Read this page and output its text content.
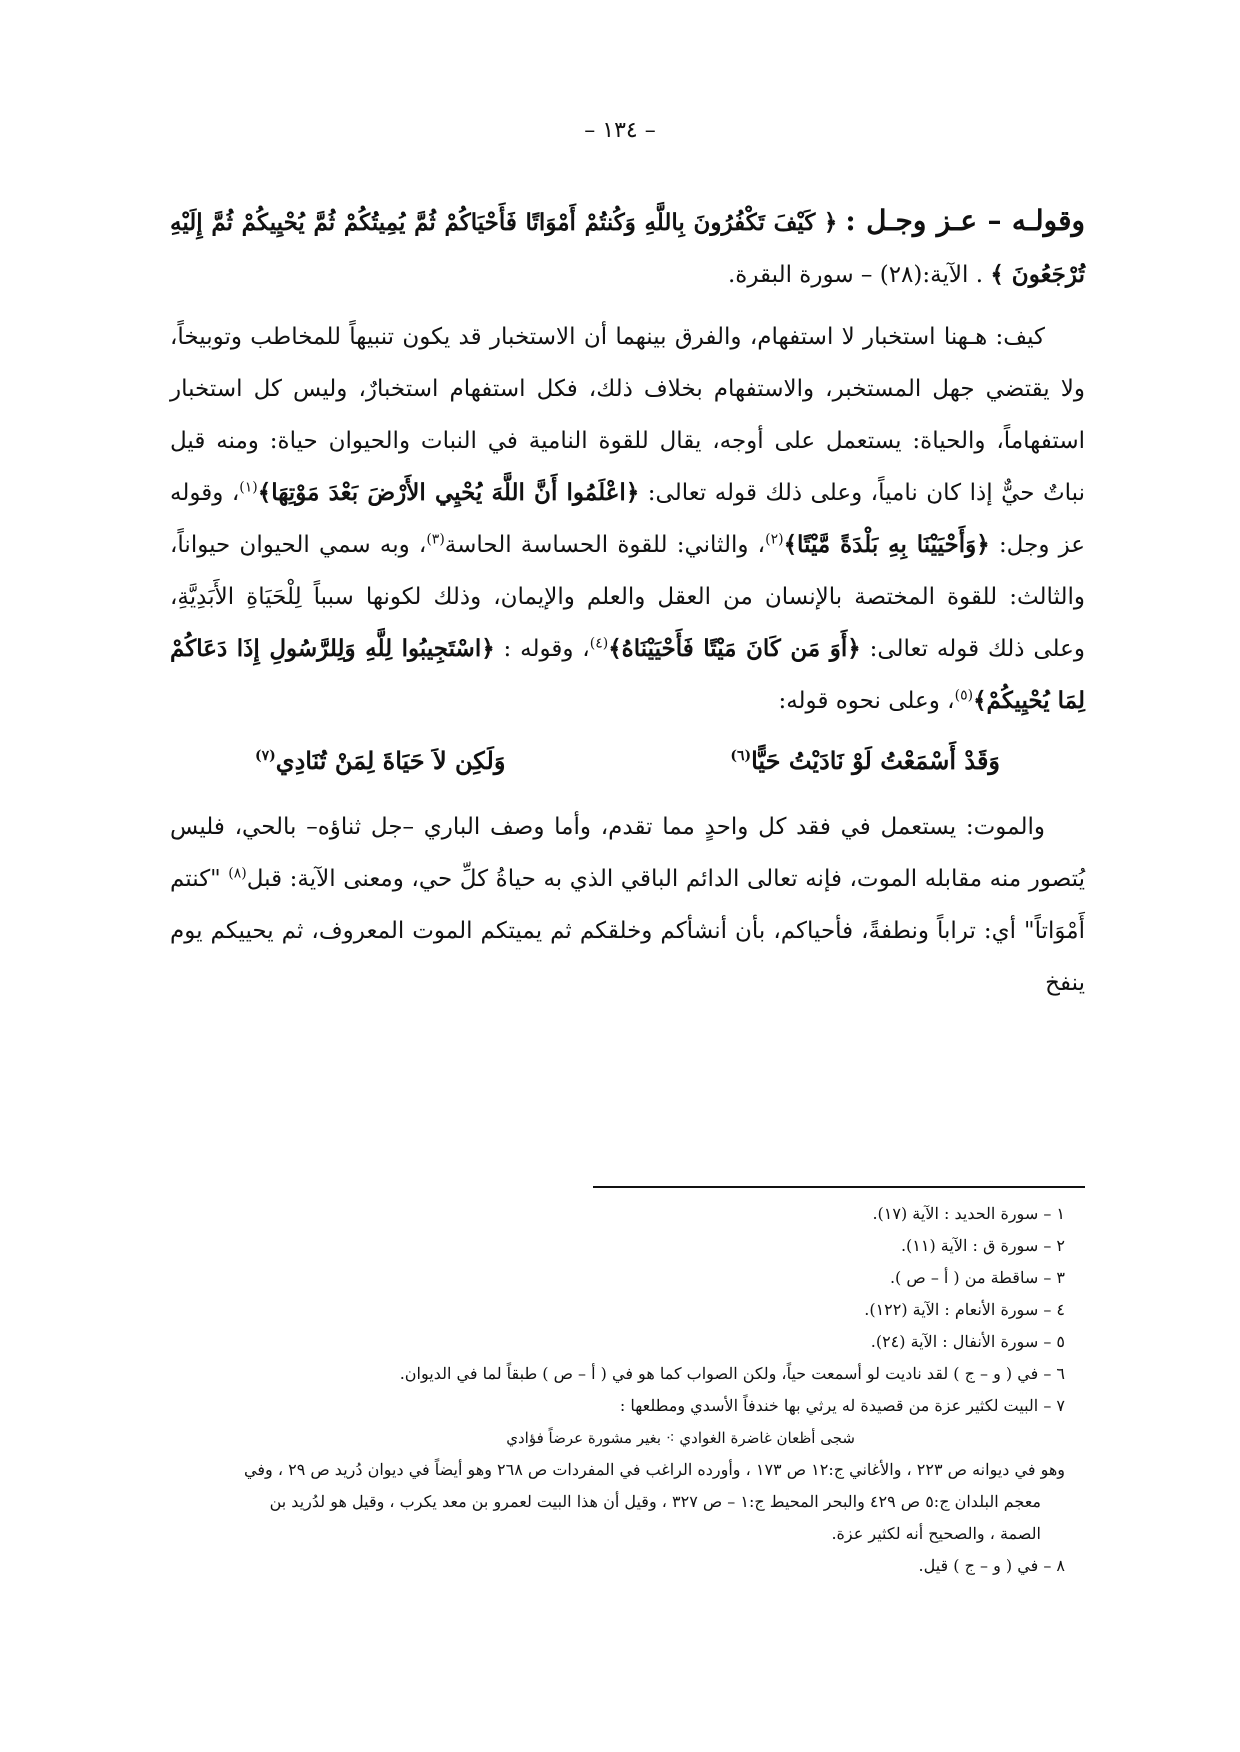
– ١٣٤ –

وقولـه – عـز وجـل : ﴿ كَيْفَ تَكْفُرُونَ بِاللَّهِ وَكُنتُمْ أَمْوَاتًا فَأَحْيَاكُمْ ثُمَّ يُمِيتُكُمْ ثُمَّ يُحْيِيكُمْ ثُمَّ إِلَيْهِ تُرْجَعُونَ ﴾ . الآية:(٢٨) – سورة البقرة.

كيف: هـهنا استخبار لا استفهام، والفرق بينهما أن الاستخبار قد يكون تنبيهاً للمخاطب وتوبيخاً، ولا يقتضي جهل المستخبر، والاستفهام بخلاف ذلك، فكل استفهام استخبارٌ، وليس كل استخبار استفهاماً، والحياة: يستعمل على أوجه، يقال للقوة النامية في النبات والحيوان حياة: ومنه قيل نباتٌ حيٌّ إذا كان نامياً، وعلى ذلك قوله تعالى: ﴿اعْلَمُوا أَنَّ اللَّهَ يُحْيِي الأَرْضَ بَعْدَ مَوْتِهَا﴾$^{(١)}$، وقوله عز وجل: ﴿وَأَحْيَيْنَا بِهِ بَلْدَةً مَّيْتًا﴾$^{(٢)}$، والثاني: للقوة الحساسة الحاسة$^{(٣)}$، وبه سمي الحيوان حيواناً، والثالث: للقوة المختصة بالإنسان من العقل والعلم والإيمان، وذلك لكونها سبباً لِلْحَيَاةِ الأَبَدِيَّةِ، وعلى ذلك قوله تعالى: ﴿أَوَ مَن كَانَ مَيْتًا فَأَحْيَيْنَاهُ﴾$^{(٤)}$، وقوله : ﴿اسْتَجِيبُوا لِلَّهِ وَلِلرَّسُولِ إِذَا دَعَاكُمْ لِمَا يُحْيِيكُمْ﴾$^{(٥)}$، وعلى نحوه قوله:

وَقَدْ أَسْمَعْتُ لَوْ نَادَيْتُ حَيًّا$^{(٦)}$
وَلَكِن لاَ حَيَاةَ لِمَنْ تُنَادِي$^{(٧)}$

والموت: يستعمل في فقد كل واحدٍ مما تقدم، وأما وصف الباري –جل ثناؤه– بالحي، فليس يُتصور منه مقابله الموت، فإنه تعالى الدائم الباقي الذي به حياةُ كلِّ حي، ومعنى الآية: قبل$^{(٨)}$ "كنتم أَمْوَاتاً" أي: تراباً ونطفةً، فأحياكم، بأن أنشأكم وخلقكم ثم يميتكم الموت المعروف، ثم يحييكم يوم ينفخ

١ – سورة الحديد : الآية (١٧).
٢ – سورة ق : الآية (١١).
٣ – ساقطة من ( أ – ص ).
٤ – سورة الأنعام : الآية (١٢٢).
٥ – سورة الأنفال : الآية (٢٤).
٦ – في ( و – ج ) لقد ناديت لو أسمعت حياً، ولكن الصواب كما هو في ( أ – ص ) طبقاً لما في الديوان.
٧ – البيت لكثير عزة من قصيدة له يرثي بها خندفاً الأسدي ومطلعها :
شجى أظعان غاضرة الغوادي ⁖ بغير مشورة عرضاً فؤادي
وهو في ديوانه ص ٢٢٣ ، والأغاني ج:١٢ ص ١٧٣ ، وأورده الراغب في المفردات ص ٢٦٨ وهو أيضاً في ديوان دُريد ص ٢٩ ، وفي
معجم البلدان ج:٥ ص ٤٢٩ والبحر المحيط ج:١ – ص ٣٢٧ ، وقيل أن هذا البيت لعمرو بن معد يكرب ، وقيل هو لدُريد بن
الصمة ، والصحيح أنه لكثير عزة.
٨ – في ( و – ج ) قيل.
